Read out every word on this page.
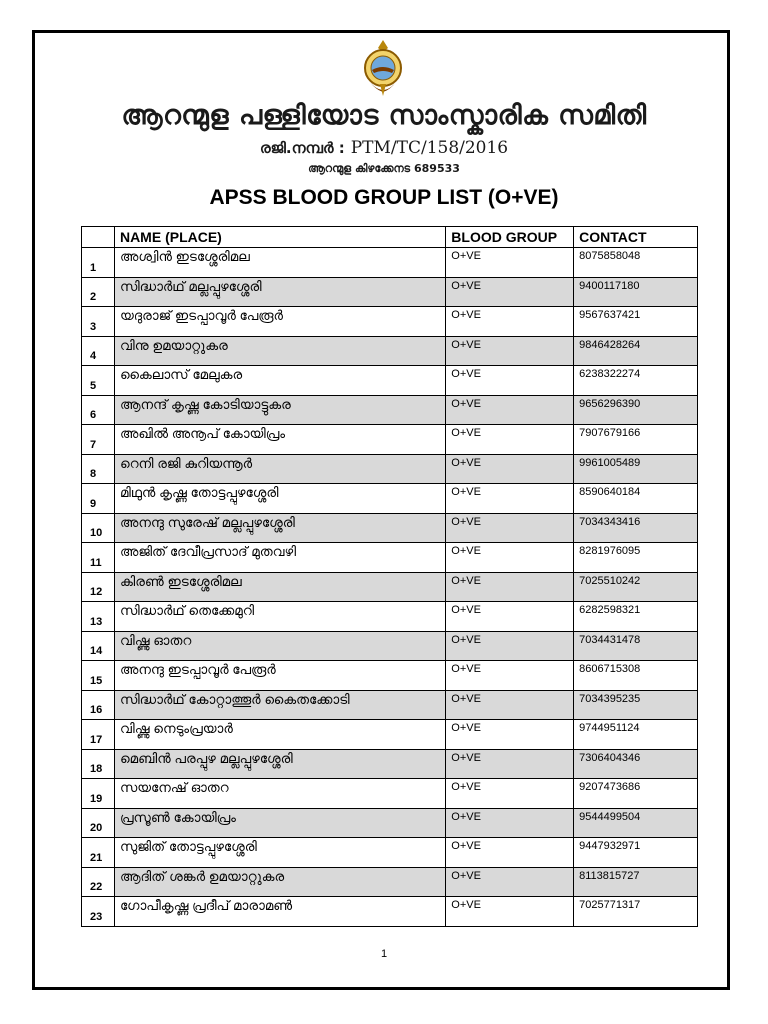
ആറന്മുള പള്ളിയോട സാംസ്കാരിക സമിതി
രജി.നമ്പർ : PTM/TC/158/2016
ആറന്മുള കിഴക്കേനട 689533
APSS BLOOD GROUP LIST (O+VE)
	NAME (PLACE)	BLOOD GROUP	CONTACT
1	അശ്വിൻ ഇടശ്ശേരിമല	O+VE	8075858048
2	സിദ്ധാർഥ് മല്ലപ്പുഴശ്ശേരി	O+VE	9400117180
3	യദുരാജ് ഇടപ്പാവൂർ പേരൂർ	O+VE	9567637421
4	വിനു ഉമയാറ്റുകര	O+VE	9846428264
5	കൈലാസ് മേലുകര	O+VE	6238322274
6	ആനന്ദ് കൃഷ്ണ കോടിയാട്ടുകര	O+VE	9656296390
7	അഖിൽ അനൂപ് കോയിപ്രം	O+VE	7907679166
8	റെനി രജി കുറിയന്നൂർ	O+VE	9961005489
9	മിഥുൻ കൃഷ്ണ തോട്ടപ്പുഴശ്ശേരി	O+VE	8590640184
10	അനന്ദു സുരേഷ് മല്ലപ്പുഴശ്ശേരി	O+VE	7034343416
11	അജിത് ദേവീപ്രസാദ് മുതവഴി	O+VE	8281976095
12	കിരൺ ഇടശ്ശേരിമല	O+VE	7025510242
13	സിദ്ധാർഥ് തെക്കേമുറി	O+VE	6282598321
14	വിഷ്ണു ഓതറ	O+VE	7034431478
15	അനന്ദു ഇടപ്പാവൂർ പേരൂർ	O+VE	8606715308
16	സിദ്ധാർഥ് കോറ്റാത്തൂർ കൈതക്കോടി	O+VE	7034395235
17	വിഷ്ണു നെടുംപ്രയാർ	O+VE	9744951124
18	മെബിൻ പരപ്പുഴ മല്ലപ്പുഴശ്ശേരി	O+VE	7306404346
19	സയനേഷ് ഓതറ	O+VE	9207473686
20	പ്രസൂൺ കോയിപ്രം	O+VE	9544499504
21	സുജിത് തോട്ടപ്പുഴശ്ശേരി	O+VE	9447932971
22	ആദിത് ശങ്കർ ഉമയാറ്റുകര	O+VE	8113815727
23	ഗോപീകൃഷ്ണ പ്രദീപ് മാരാമൺ	O+VE	7025771317
1
